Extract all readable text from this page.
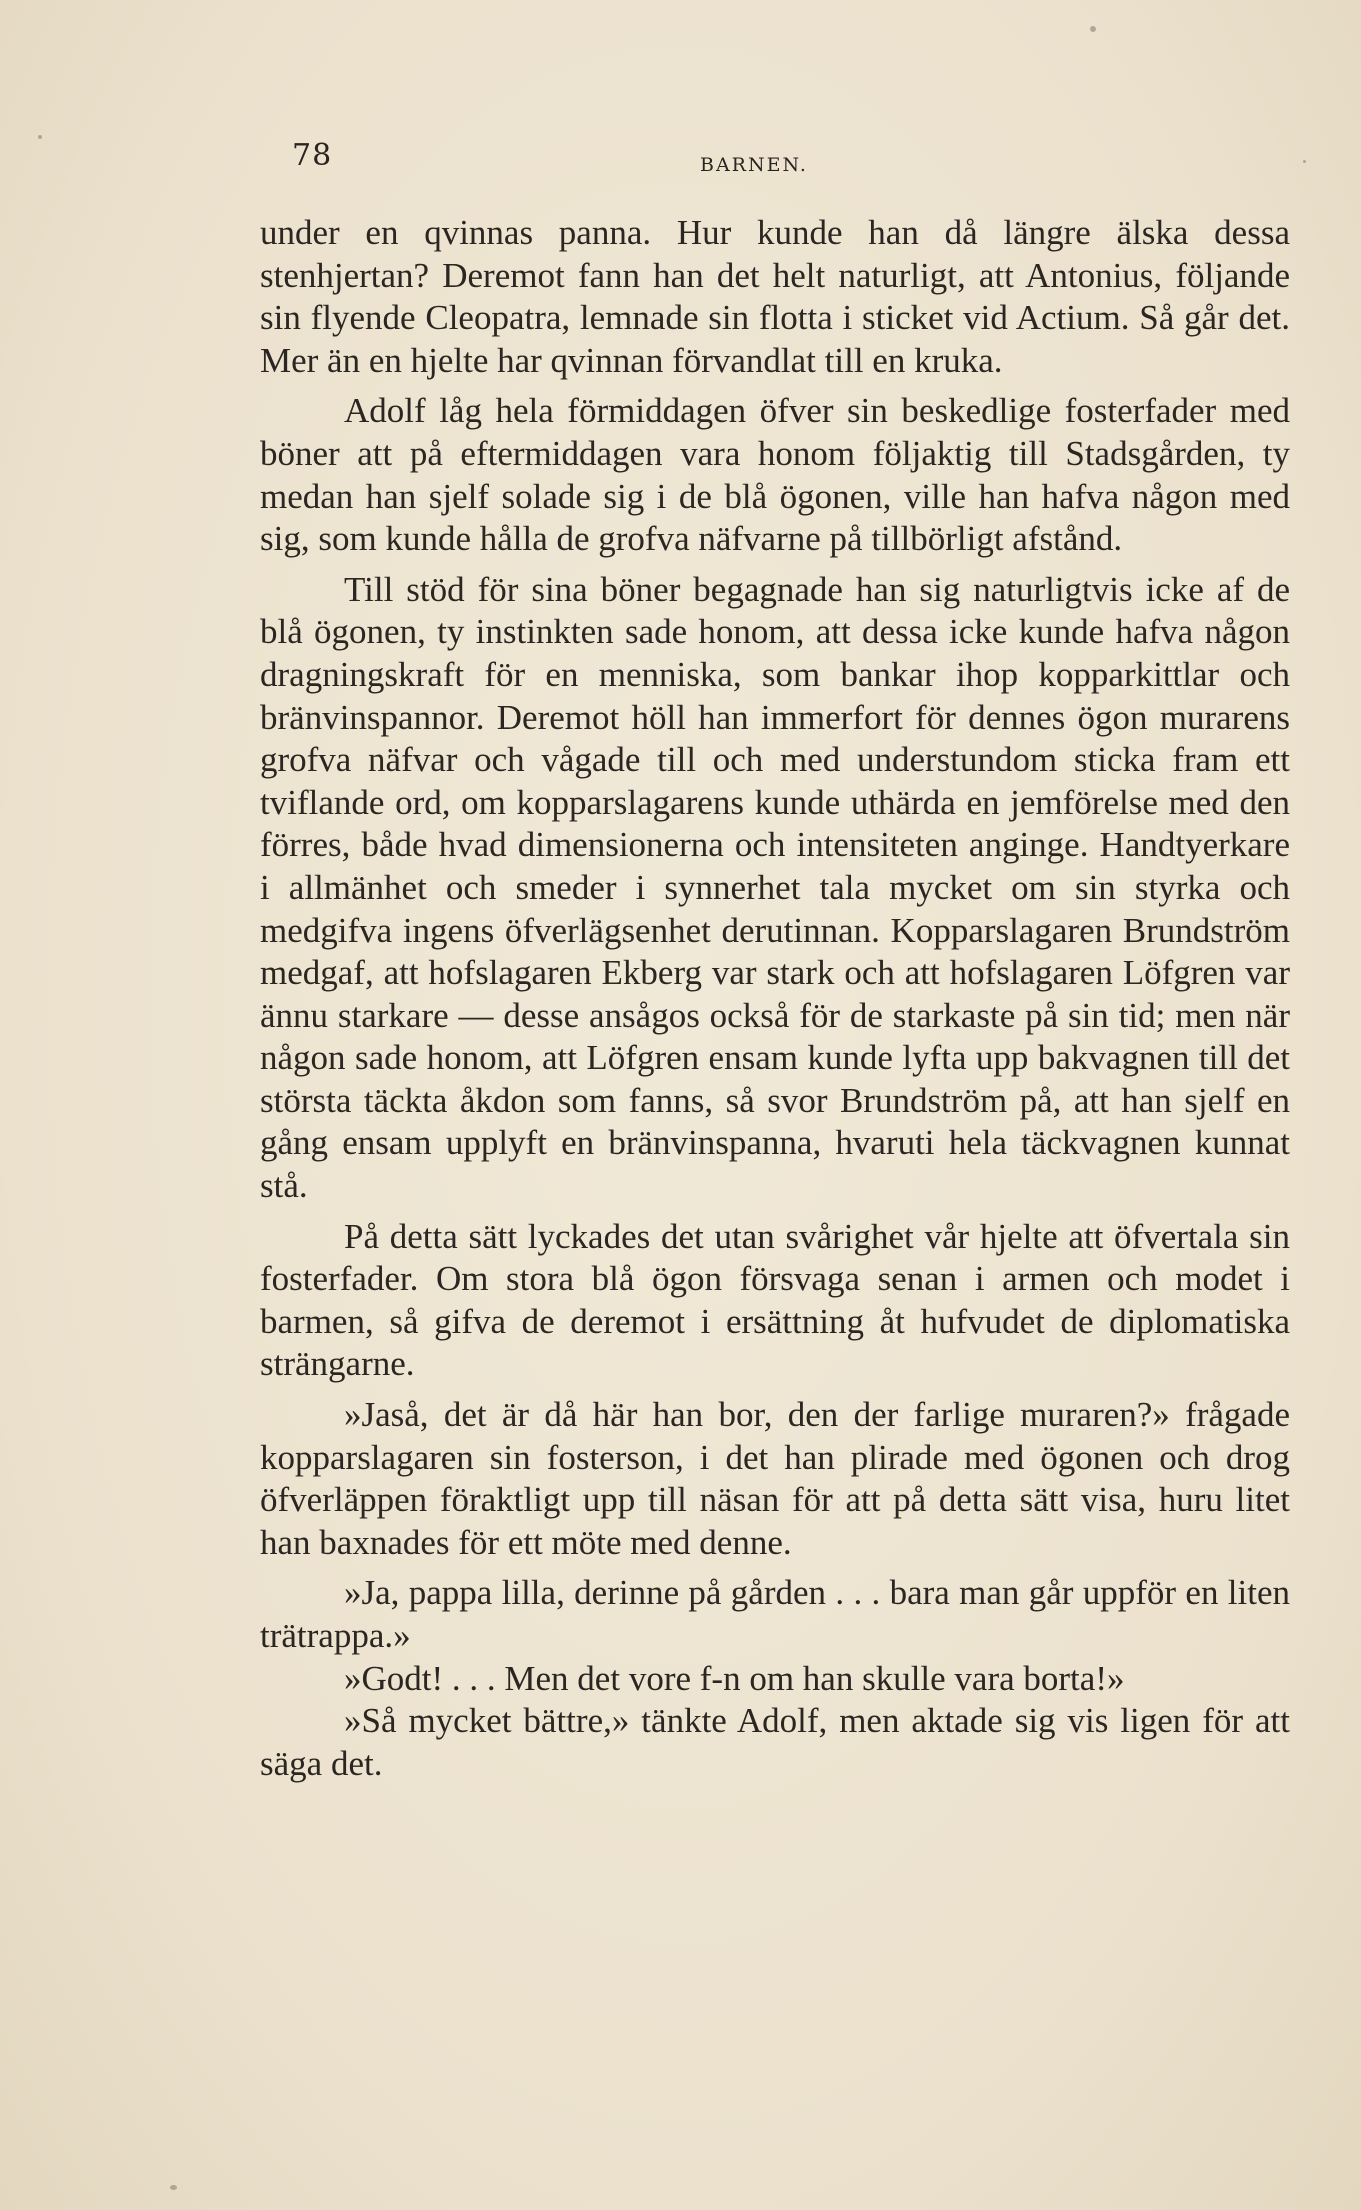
78	BARNEN.

under en qvinnas panna. Hur kunde han då längre älska dessa stenhjertan? Deremot fann han det helt naturligt, att Antonius, följande sin flyende Cleopatra, lemnade sin flotta i sticket vid Actium. Så går det. Mer än en hjelte har qvinnan förvandlat till en kruka.

Adolf låg hela förmiddagen öfver sin beskedlige fosterfader med böner att på eftermiddagen vara honom följaktig till Stadsgården, ty medan han sjelf solade sig i de blå ögonen, ville han hafva någon med sig, som kunde hålla de grofva näfvarne på tillbörligt afstånd.

Till stöd för sina böner begagnade han sig naturligtvis icke af de blå ögonen, ty instinkten sade honom, att dessa icke kunde hafva någon dragningskraft för en menniska, som bankar ihop kopparkittlar och bränvinspannor. Deremot höll han immerfort för dennes ögon murarens grofva näfvar och vågade till och med understundom sticka fram ett tviflande ord, om kopparslagarens kunde uthärda en jemförelse med den förres, både hvad dimensionerna och intensiteten anginge. Handtyerkare i allmänhet och smeder i synnerhet tala mycket om sin styrka och medgifva ingens öfverlägsenhet derutinnan. Kopparslagaren Brundström medgaf, att hofslagaren Ekberg var stark och att hofslagaren Löfgren var ännu starkare — desse ansågos också för de starkaste på sin tid; men när någon sade honom, att Löfgren ensam kunde lyfta upp bakvagnen till det största täckta åkdon som fanns, så svor Brundström på, att han sjelf en gång ensam upplyft en bränvinspanna, hvaruti hela täckvagnen kunnat stå.

På detta sätt lyckades det utan svårighet vår hjelte att öfvertala sin fosterfader. Om stora blå ögon försvaga senan i armen och modet i barmen, så gifva de deremot i ersättning åt hufvudet de diplomatiska strängarne.

»Jaså, det är då här han bor, den der farlige muraren?» frågade kopparslagaren sin fosterson, i det han plirade med ögonen och drog öfverläppen föraktligt upp till näsan för att på detta sätt visa, huru litet han baxnades för ett möte med denne.

»Ja, pappa lilla, derinne på gården . . . bara man går uppför en liten trätrappa.»

»Godt! . . . Men det vore f-n om han skulle vara borta!»

»Så mycket bättre,» tänkte Adolf, men aktade sig vis ligen för att säga det.
